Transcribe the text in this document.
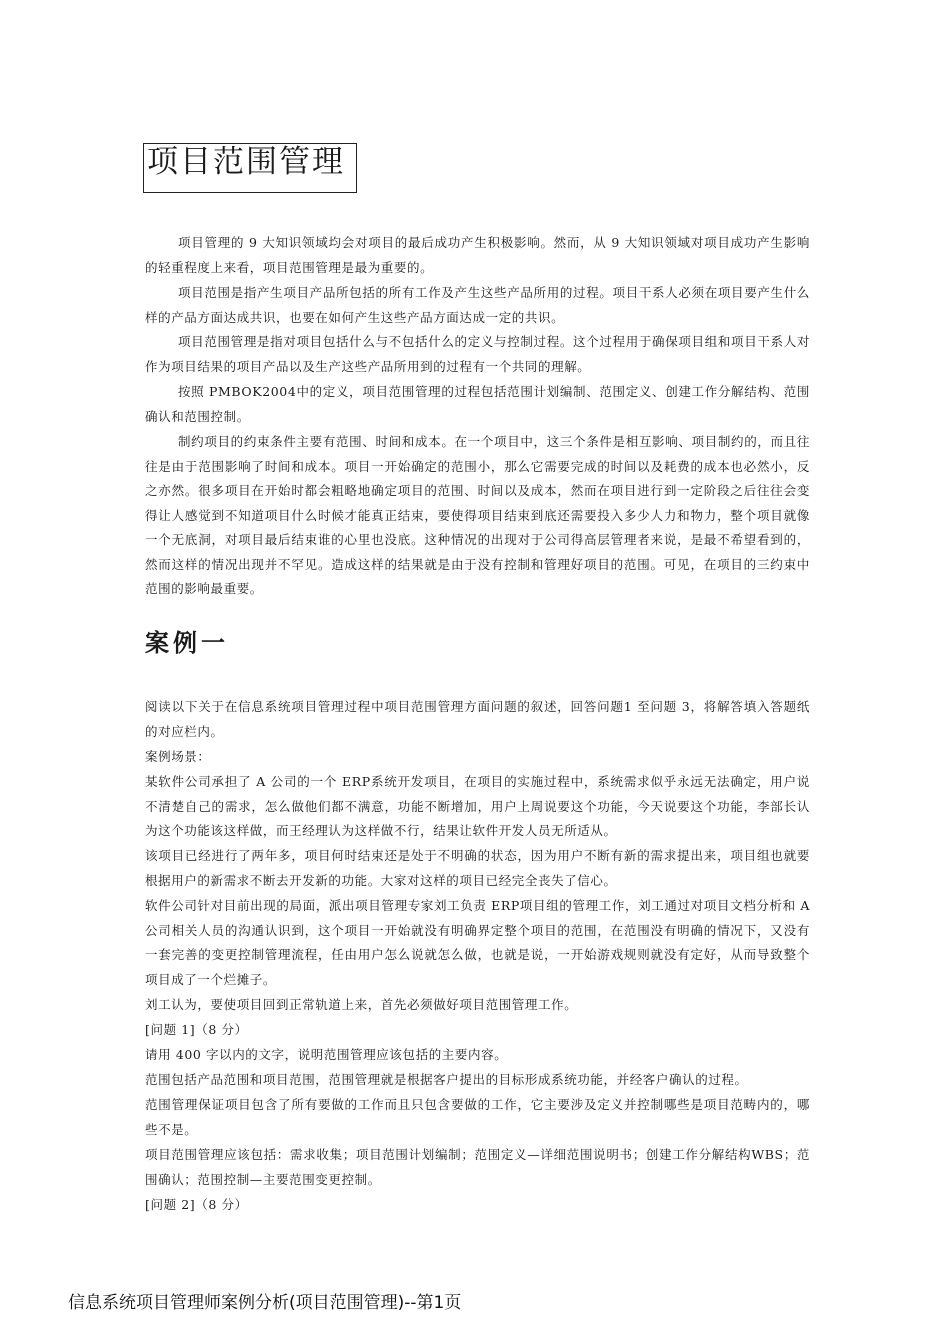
项目范围管理

项目管理的 9 大知识领域均会对项目的最后成功产生积极影响。然而，从 9 大知识领域对项目成功产生影响的轻重程度上来看，项目范围管理是最为重要的。

项目范围是指产生项目产品所包括的所有工作及产生这些产品所用的过程。项目干系人必须在项目要产生什么样的产品方面达成共识，也要在如何产生这些产品方面达成一定的共识。

项目范围管理是指对项目包括什么与不包括什么的定义与控制过程。这个过程用于确保项目组和项目干系人对作为项目结果的项目产品以及生产这些产品所用到的过程有一个共同的理解。

按照 PMBOK2004中的定义，项目范围管理的过程包括范围计划编制、范围定义、创建工作分解结构、范围确认和范围控制。

制约项目的约束条件主要有范围、时间和成本。在一个项目中，这三个条件是相互影响、项目制约的，而且往往是由于范围影响了时间和成本。项目一开始确定的范围小，那么它需要完成的时间以及耗费的成本也必然小，反之亦然。很多项目在开始时都会粗略地确定项目的范围、时间以及成本，然而在项目进行到一定阶段之后往往会变得让人感觉到不知道项目什么时候才能真正结束，要使得项目结束到底还需要投入多少人力和物力，整个项目就像一个无底洞，对项目最后结束谁的心里也没底。这种情况的出现对于公司得高层管理者来说，是最不希望看到的，然而这样的情况出现并不罕见。造成这样的结果就是由于没有控制和管理好项目的范围。可见，在项目的三约束中范围的影响最重要。

案例一

阅读以下关于在信息系统项目管理过程中项目范围管理方面问题的叙述，回答问题1 至问题 3，将解答填入答题纸的对应栏内。

案例场景：

某软件公司承担了 A 公司的一个 ERP系统开发项目，在项目的实施过程中，系统需求似乎永远无法确定，用户说不清楚自己的需求，怎么做他们都不满意，功能不断增加，用户上周说要这个功能，今天说要这个功能，李部长认为这个功能该这样做，而王经理认为这样做不行，结果让软件开发人员无所适从。

该项目已经进行了两年多，项目何时结束还是处于不明确的状态，因为用户不断有新的需求提出来，项目组也就要根据用户的新需求不断去开发新的功能。大家对这样的项目已经完全丧失了信心。

软件公司针对目前出现的局面，派出项目管理专家刘工负责 ERP项目组的管理工作，刘工通过对项目文档分析和 A 公司相关人员的沟通认识到，这个项目一开始就没有明确界定整个项目的范围，在范围没有明确的情况下，又没有一套完善的变更控制管理流程，任由用户怎么说就怎么做，也就是说，一开始游戏规则就没有定好，从而导致整个项目成了一个烂摊子。

刘工认为，要使项目回到正常轨道上来，首先必须做好项目范围管理工作。

[问题 1]（8 分）

请用 400 字以内的文字，说明范围管理应该包括的主要内容。

范围包括产品范围和项目范围，范围管理就是根据客户提出的目标形成系统功能，并经客户确认的过程。

范围管理保证项目包含了所有要做的工作而且只包含要做的工作，它主要涉及定义并控制哪些是项目范畴内的，哪些不是。

项目范围管理应该包括：需求收集；项目范围计划编制；范围定义—详细范围说明书；创建工作分解结构WBS；范围确认；范围控制—主要范围变更控制。

[问题 2]（8 分）

信息系统项目管理师案例分析(项目范围管理)--第1页
